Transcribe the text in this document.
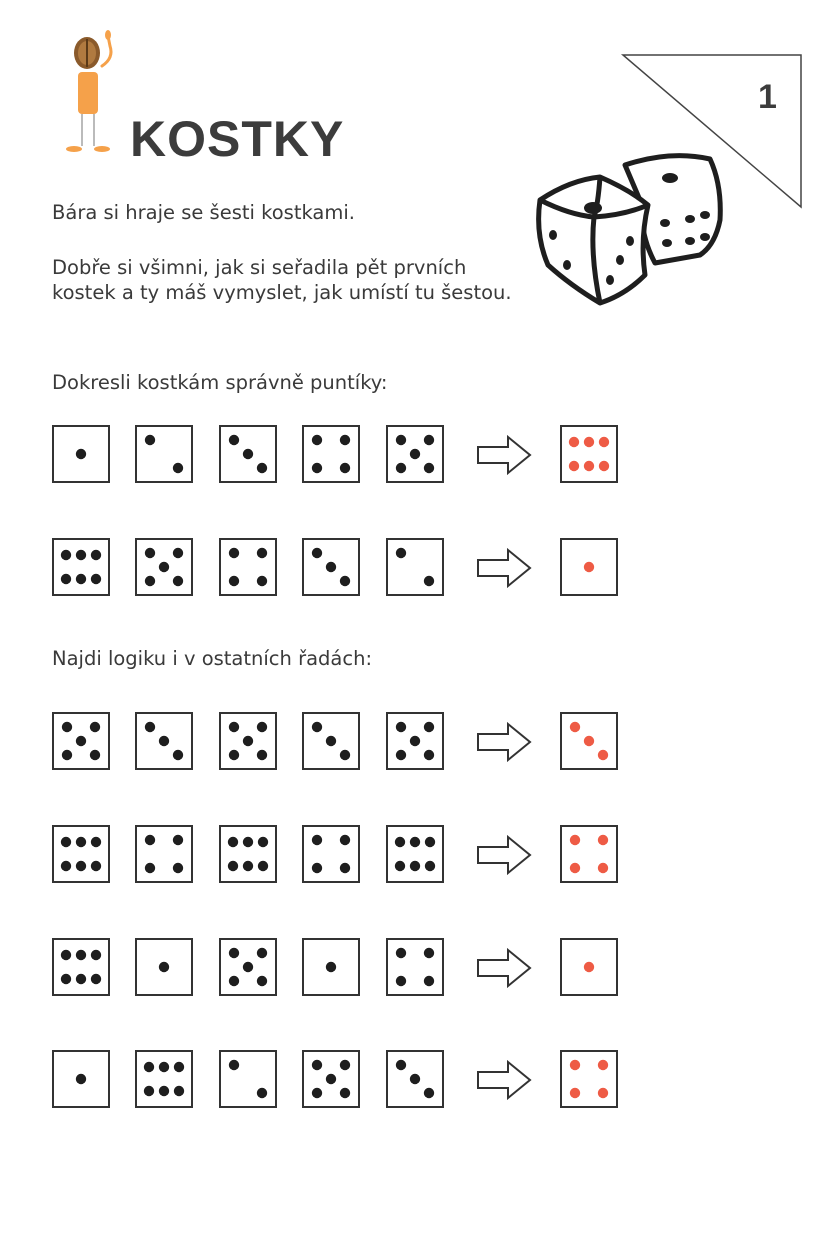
KOSTKY
1

Bára si hraje se šesti kostkami.

Dobře si všimni, jak si seřadila pět prvních kostek a ty máš vymyslet, jak umístí tu šestou.

Dokresli kostkám správně puntíky:

Najdi logiku i v ostatních řadách:
